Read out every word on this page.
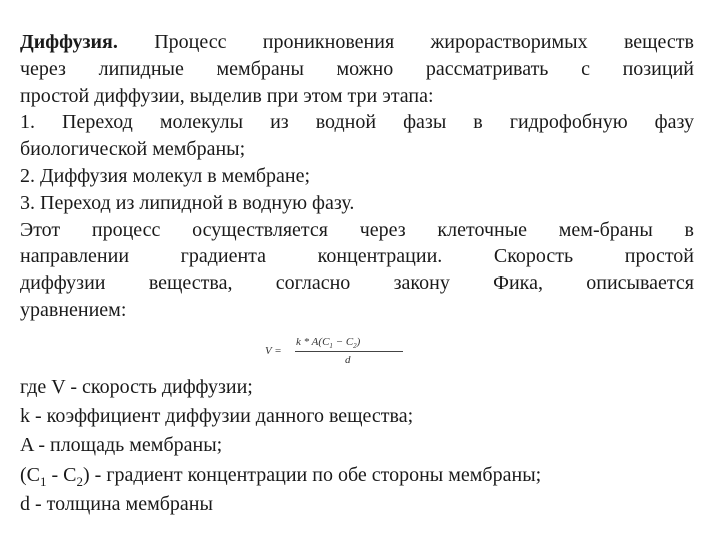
Диффузия. Процесс проникновения жирорастворимых веществ
через липидные мембраны можно рассматривать с позиций
простой диффузии, выделив при этом три этапа:
1. Переход молекулы из водной фазы в гидрофобную фазу
биологической мембраны;
2. Диффузия молекул в мембране;
3. Переход из липидной в водную фазу.
Этот процесс осуществляется через клеточные мем-браны в
направлении градиента концентрации. Скорость простой
диффузии вещества, согласно закону Фика, описывается
уравнением:
V =
$k * A(C_1 - C_2)$
d
где V - скорость диффузии;
k - коэффициент диффузии данного вещества;
A - площадь мембраны;
$(C_1 - C_2)$ - градиент концентрации по обе стороны мембраны;
d - толщина мембраны
